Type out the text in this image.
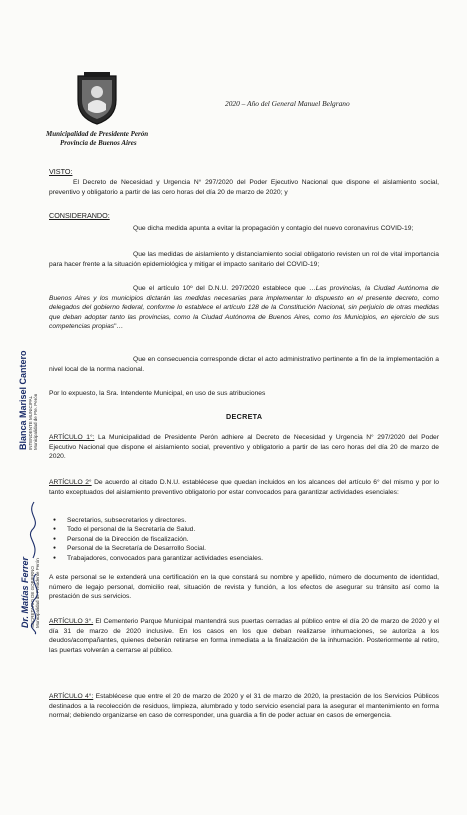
Municipalidad de Presidente Perón
Provincia de Buenos Aires
2020 – Año del General Manuel Belgrano
VISTO:
El Decreto de Necesidad y Urgencia N° 297/2020 del Poder Ejecutivo Nacional que dispone el aislamiento social, preventivo y obligatorio a partir de las cero horas del día 20 de marzo de 2020; y
CONSIDERANDO:
Que dicha medida apunta a evitar la propagación y contagio del nuevo coronavirus COVID-19;
Que las medidas de aislamiento y distanciamiento social obligatorio revisten un rol de vital importancia para hacer frente a la situación epidemiológica y mitigar el impacto sanitario del COVID-19;
Que el artículo 10º del D.N.U. 297/2020 establece que …Las provincias, la Ciudad Autónoma de Buenos Aires y los municipios dictarán las medidas necesarias para implementar lo dispuesto en el presente decreto, como delegados del gobierno federal, conforme lo establece el artículo 128 de la Constitución Nacional, sin perjuicio de otras medidas que deban adoptar tanto las provincias, como la Ciudad Autónoma de Buenos Aires, como los Municipios, en ejercicio de sus competencias propias"…
Que en consecuencia corresponde dictar el acto administrativo pertinente a fin de la implementación a nivel local de la norma nacional.
Por lo expuesto, la Sra. Intendente Municipal, en uso de sus atribuciones
DECRETA
ARTÍCULO 1°: La Municipalidad de Presidente Perón adhiere al Decreto de Necesidad y Urgencia N° 297/2020 del Poder Ejecutivo Nacional que dispone el aislamiento social, preventivo y obligatorio a partir de las cero horas del día 20 de marzo de 2020.
ARTÍCULO 2° De acuerdo al citado D.N.U. establécese que quedan incluidos en los alcances del artículo 6° del mismo y por lo tanto exceptuados del aislamiento preventivo obligatorio por estar convocados para garantizar actividades esenciales:
● Secretarios, subsecretarios y directores.
● Todo el personal de la Secretaría de Salud.
● Personal de la Dirección de fiscalización.
● Personal de la Secretaría de Desarrollo Social.
● Trabajadores, convocados para garantizar actividades esenciales.
A este personal se le extenderá una certificación en la que constará su nombre y apellido, número de documento de identidad, número de legajo personal, domicilio real, situación de revista y función, a los efectos de asegurar su tránsito así como la prestación de sus servicios.
ARTÍCULO 3°. El Cementerio Parque Municipal mantendrá sus puertas cerradas al público entre el día 20 de marzo de 2020 y el día 31 de marzo de 2020 inclusive. En los casos en los que deban realizarse inhumaciones, se autoriza a los deudos/acompañantes, quienes deberán retirarse en forma inmediata a la finalización de la inhumación. Posteriormente al retiro, las puertas volverán a cerrarse al público.
ARTÍCULO 4°: Establécese que entre el 20 de marzo de 2020 y el 31 de marzo de 2020, la prestación de los Servicios Públicos destinados a la recolección de residuos, limpieza, alumbrado y todo servicio esencial para la asegurar el mantenimiento en forma normal; debiendo organizarse en caso de corresponder, una guardia a fin de poder actuar en casos de emergencia.
Blanca Marisel Cantero INTENDENTE MUNICIPAL Municipalidad de Pte. Perón
Dr. Matías Ferrer SECRETARIO DE GOBIERNO Municipalidad de Presidente Perón
